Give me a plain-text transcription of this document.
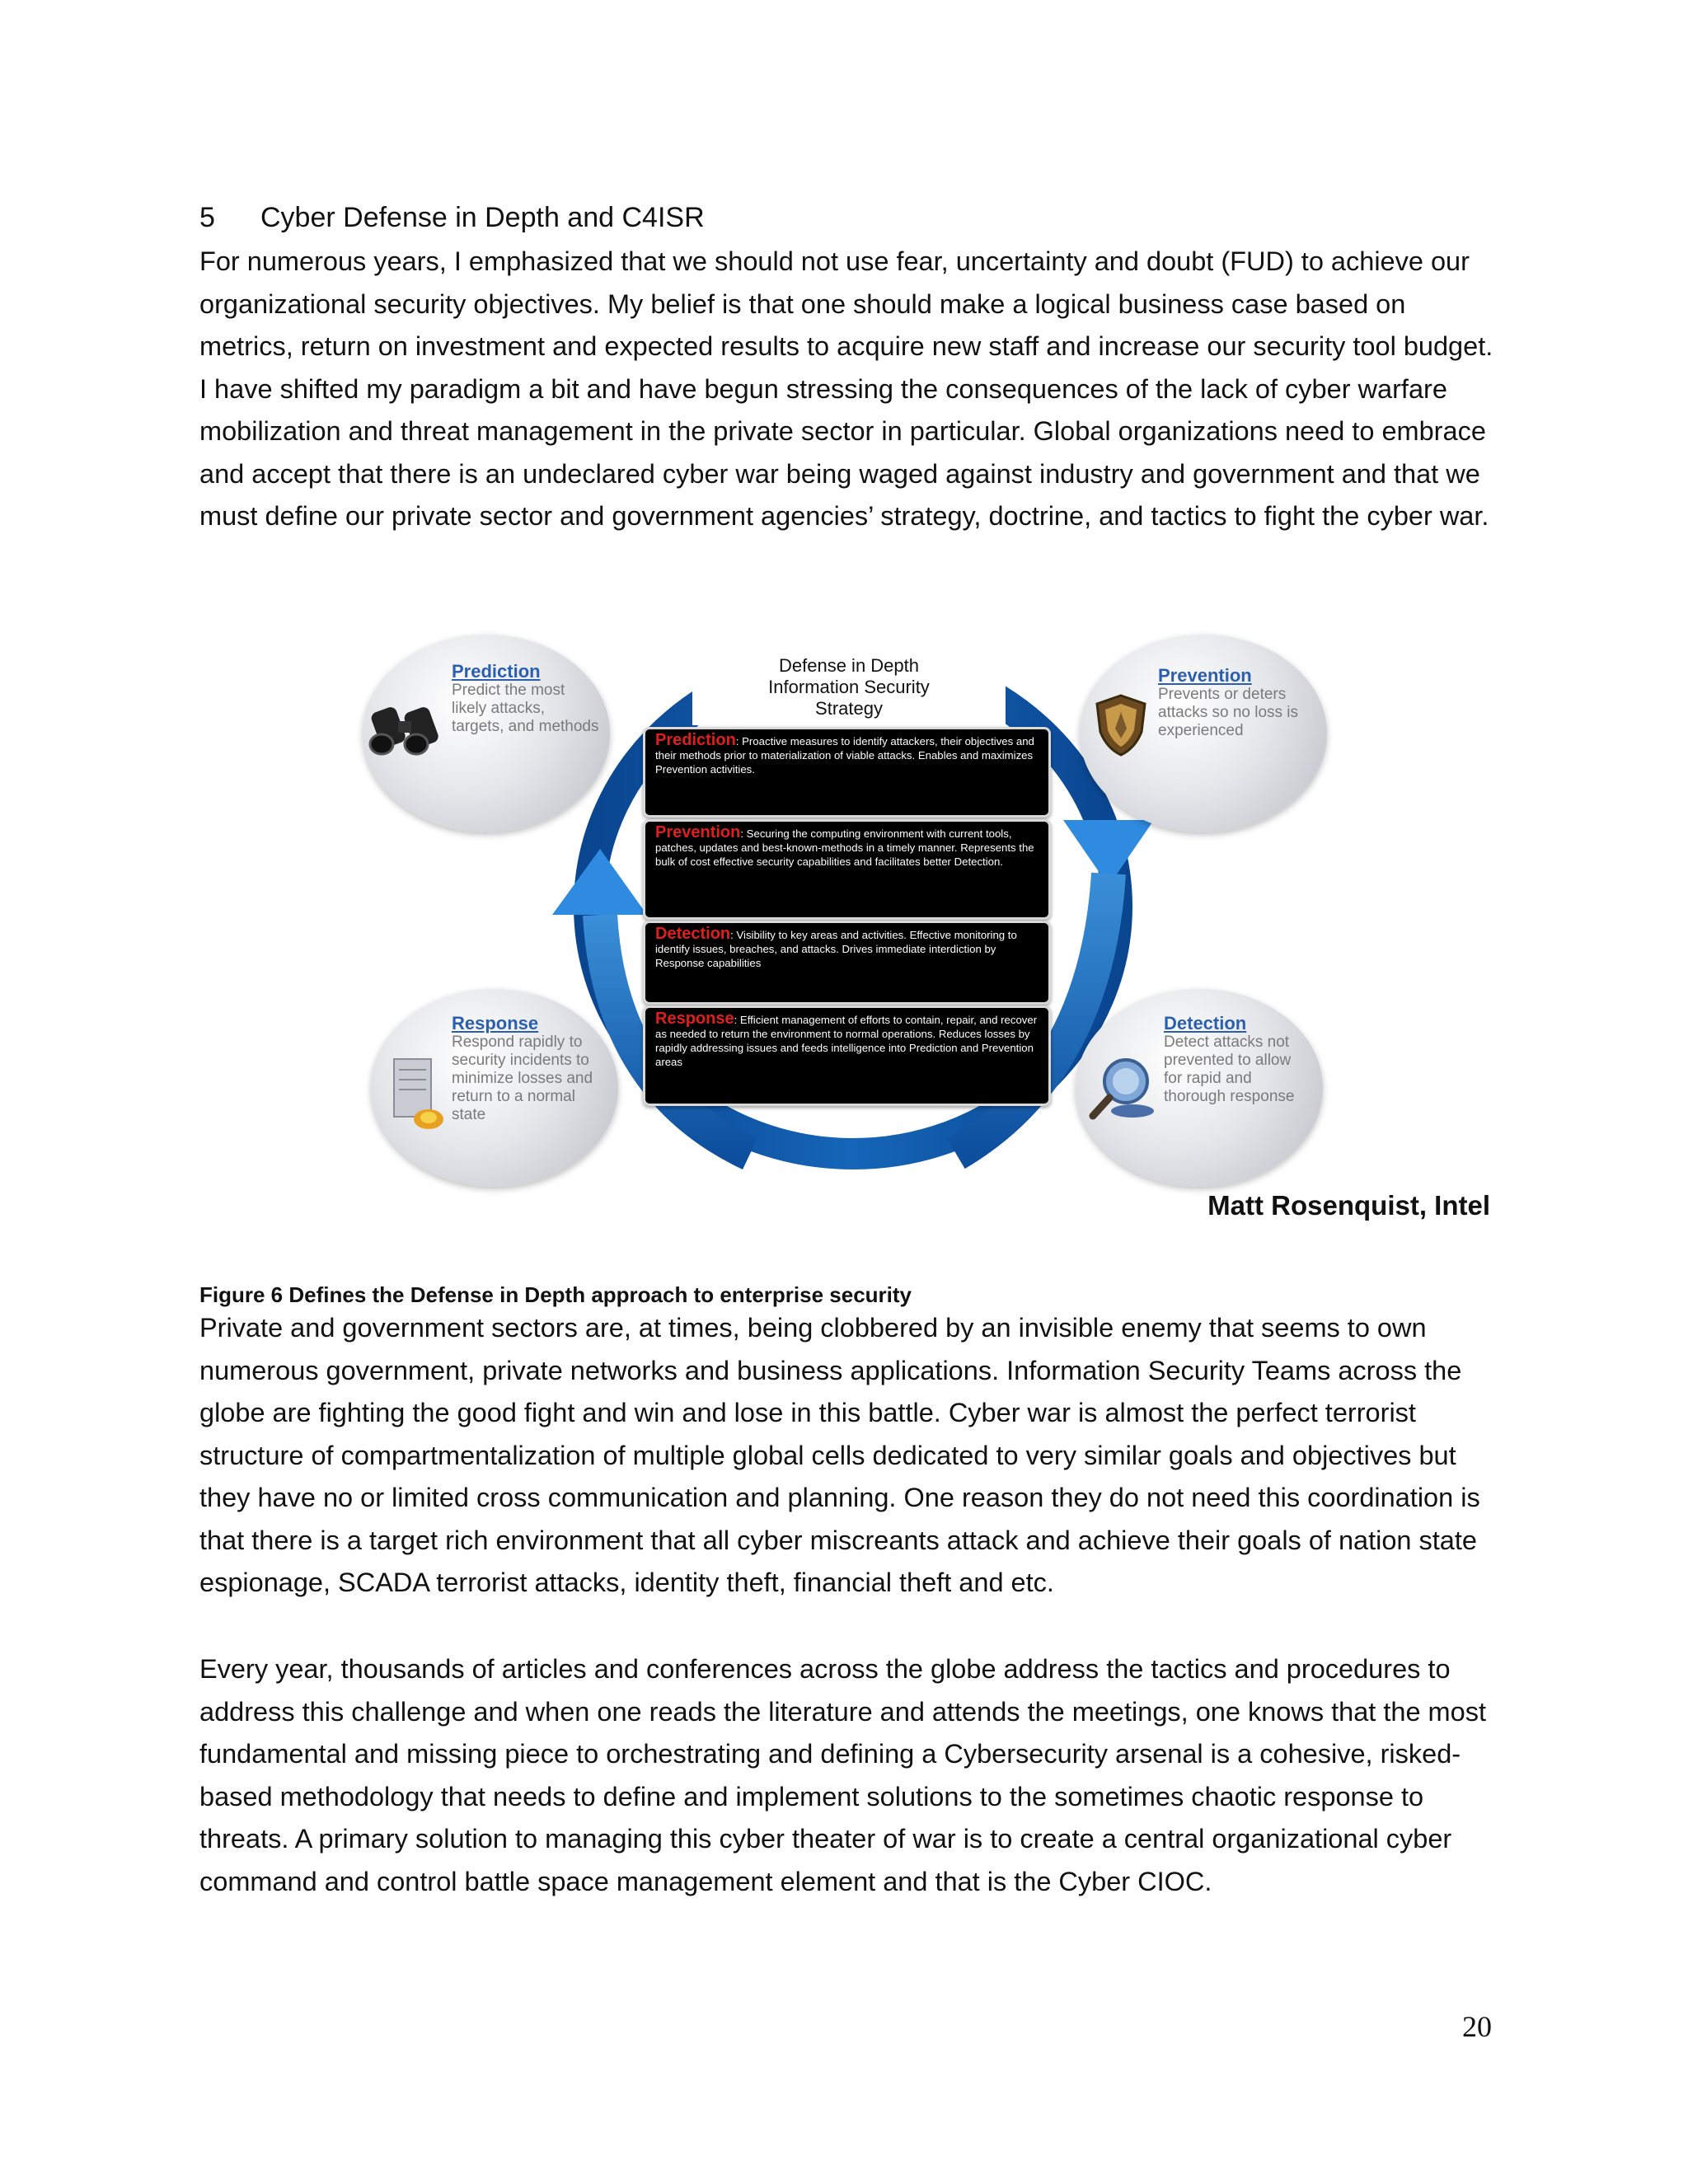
5 Cyber Defense in Depth and C4ISR

For numerous years, I emphasized that we should not use fear, uncertainty and doubt (FUD) to achieve our organizational security objectives. My belief is that one should make a logical business case based on metrics, return on investment and expected results to acquire new staff and increase our security tool budget. I have shifted my paradigm a bit and have begun stressing the consequences of the lack of cyber warfare mobilization and threat management in the private sector in particular. Global organizations need to embrace and accept that there is an undeclared cyber war being waged against industry and government and that we must define our private sector and government agencies’ strategy, doctrine, and tactics to fight the cyber war.

Prediction
Predict the most likely attacks, targets, and methods
Prevention
Prevents or deters attacks so no loss is experienced
Response
Respond rapidly to security incidents to minimize losses and return to a normal state
Detection
Detect attacks not prevented to allow for rapid and thorough response
Defense in Depth
Information Security
Strategy
Prediction: Proactive measures to identify attackers, their objectives and their methods prior to materialization of viable attacks. Enables and maximizes Prevention activities.
Prevention: Securing the computing environment with current tools, patches, updates and best-known-methods in a timely manner. Represents the bulk of cost effective security capabilities and facilitates better Detection.
Detection: Visibility to key areas and activities. Effective monitoring to identify issues, breaches, and attacks. Drives immediate interdiction by Response capabilities
Response: Efficient management of efforts to contain, repair, and recover as needed to return the environment to normal operations. Reduces losses by rapidly addressing issues and feeds intelligence into Prediction and Prevention areas
Matt Rosenquist, Intel
Figure 6 Defines the Defense in Depth approach to enterprise security

Private and government sectors are, at times, being clobbered by an invisible enemy that seems to own numerous government, private networks and business applications. Information Security Teams across the globe are fighting the good fight and win and lose in this battle. Cyber war is almost the perfect terrorist structure of compartmentalization of multiple global cells dedicated to very similar goals and objectives but they have no or limited cross communication and planning. One reason they do not need this coordination is that there is a target rich environment that all cyber miscreants attack and achieve their goals of nation state espionage, SCADA terrorist attacks, identity theft, financial theft and etc.

Every year, thousands of articles and conferences across the globe address the tactics and procedures to address this challenge and when one reads the literature and attends the meetings, one knows that the most fundamental and missing piece to orchestrating and defining a Cybersecurity arsenal is a cohesive, risked-based methodology that needs to define and implement solutions to the sometimes chaotic response to threats. A primary solution to managing this cyber theater of war is to create a central organizational cyber command and control battle space management element and that is the Cyber CIOC.

20
